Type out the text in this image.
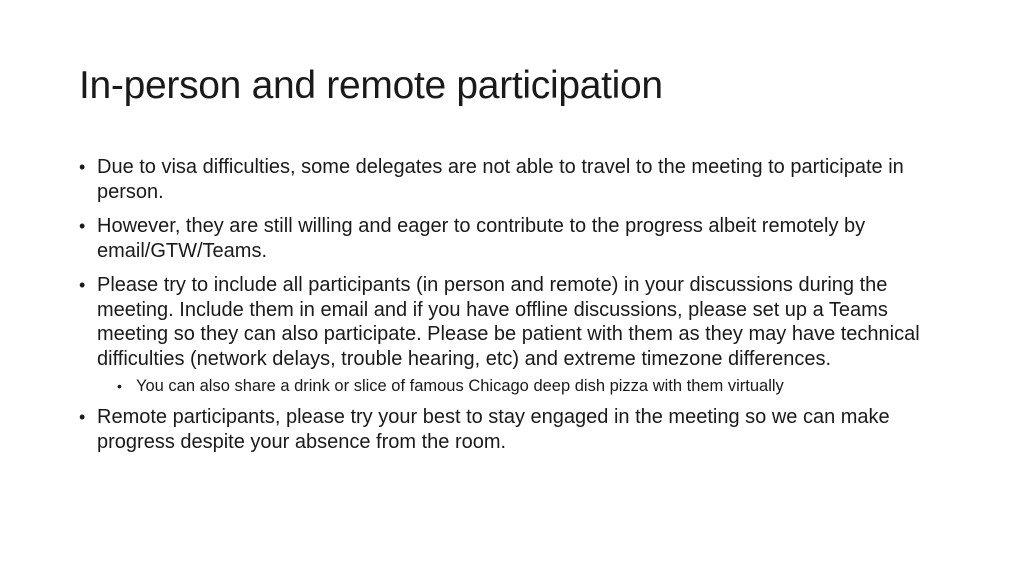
In-person and remote participation
• Due to visa difficulties, some delegates are not able to travel to the meeting to participate in person.
• However, they are still willing and eager to contribute to the progress albeit remotely by email/GTW/Teams.
• Please try to include all participants (in person and remote) in your discussions during the meeting. Include them in email and if you have offline discussions, please set up a Teams meeting so they can also participate. Please be patient with them as they may have technical difficulties (network delays, trouble hearing, etc) and extreme timezone differences.
• You can also share a drink or slice of famous Chicago deep dish pizza with them virtually
• Remote participants, please try your best to stay engaged in the meeting so we can make progress despite your absence from the room.
